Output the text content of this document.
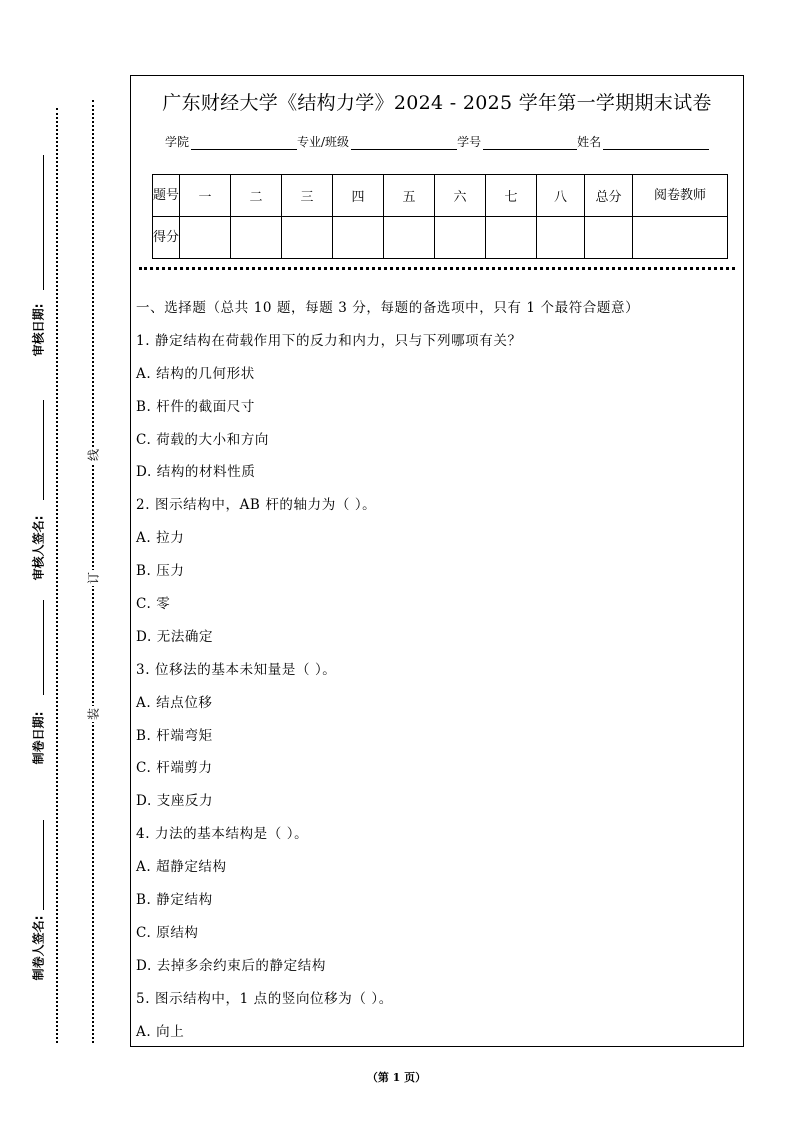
审核日期:
审核人签名:
制卷日期:
制卷人签名:
线
订
装
广东财经大学《结构力学》2024 - 2025 学年第一学期期末试卷
学院	专业/班级	学号	姓名
题号	一	二	三	四	五	六	七	八	总分	阅卷教师

得分										

一、选择题（总共 10 题，每题 3 分，每题的备选项中，只有 1 个最符合题意）
1. 静定结构在荷载作用下的反力和内力，只与下列哪项有关？
A. 结构的几何形状
B. 杆件的截面尺寸
C. 荷载的大小和方向
D. 结构的材料性质
2. 图示结构中，AB 杆的轴力为（ ）。
A. 拉力
B. 压力
C. 零
D. 无法确定
3. 位移法的基本未知量是（ ）。
A. 结点位移
B. 杆端弯矩
C. 杆端剪力
D. 支座反力
4. 力法的基本结构是（ ）。
A. 超静定结构
B. 静定结构
C. 原结构
D. 去掉多余约束后的静定结构
5. 图示结构中，1 点的竖向位移为（ ）。
A. 向上
（第 1 页）
